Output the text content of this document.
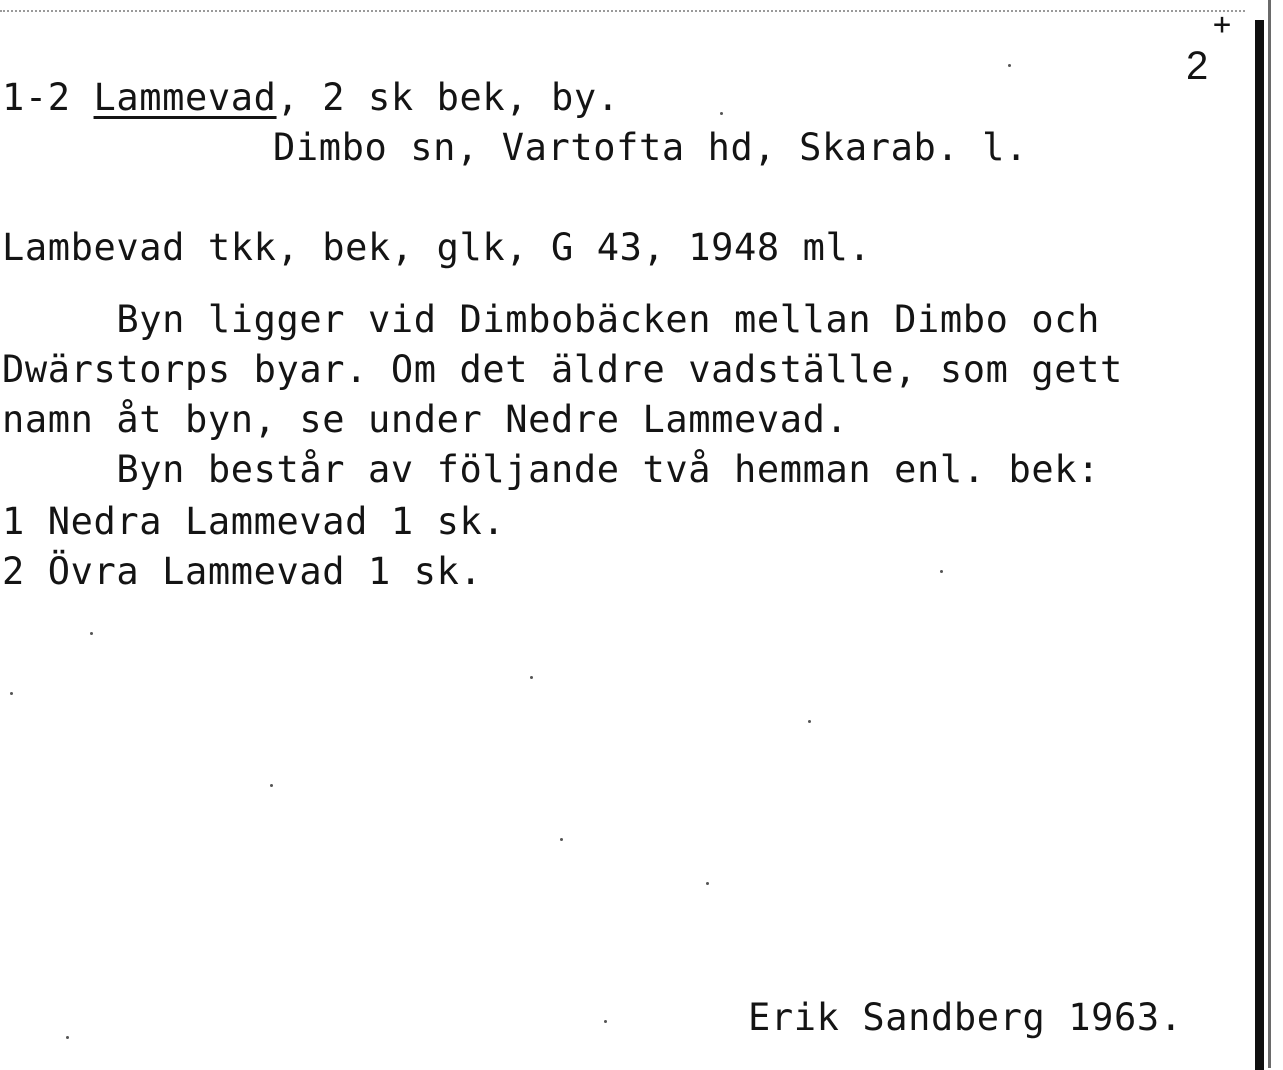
+
2
1-2 Lammevad, 2 sk bek, by.
Dimbo sn, Vartofta hd, Skarab. l.
Lambevad tkk, bek, glk, G 43, 1948 ml.
Byn ligger vid Dimbobäcken mellan Dimbo och
Dwärstorps byar. Om det äldre vadställe, som gett
namn åt byn, se under Nedre Lammevad.
Byn består av följande två hemman enl. bek:
1 Nedra Lammevad 1 sk.
2 Övra Lammevad 1 sk.
Erik Sandberg 1963.
